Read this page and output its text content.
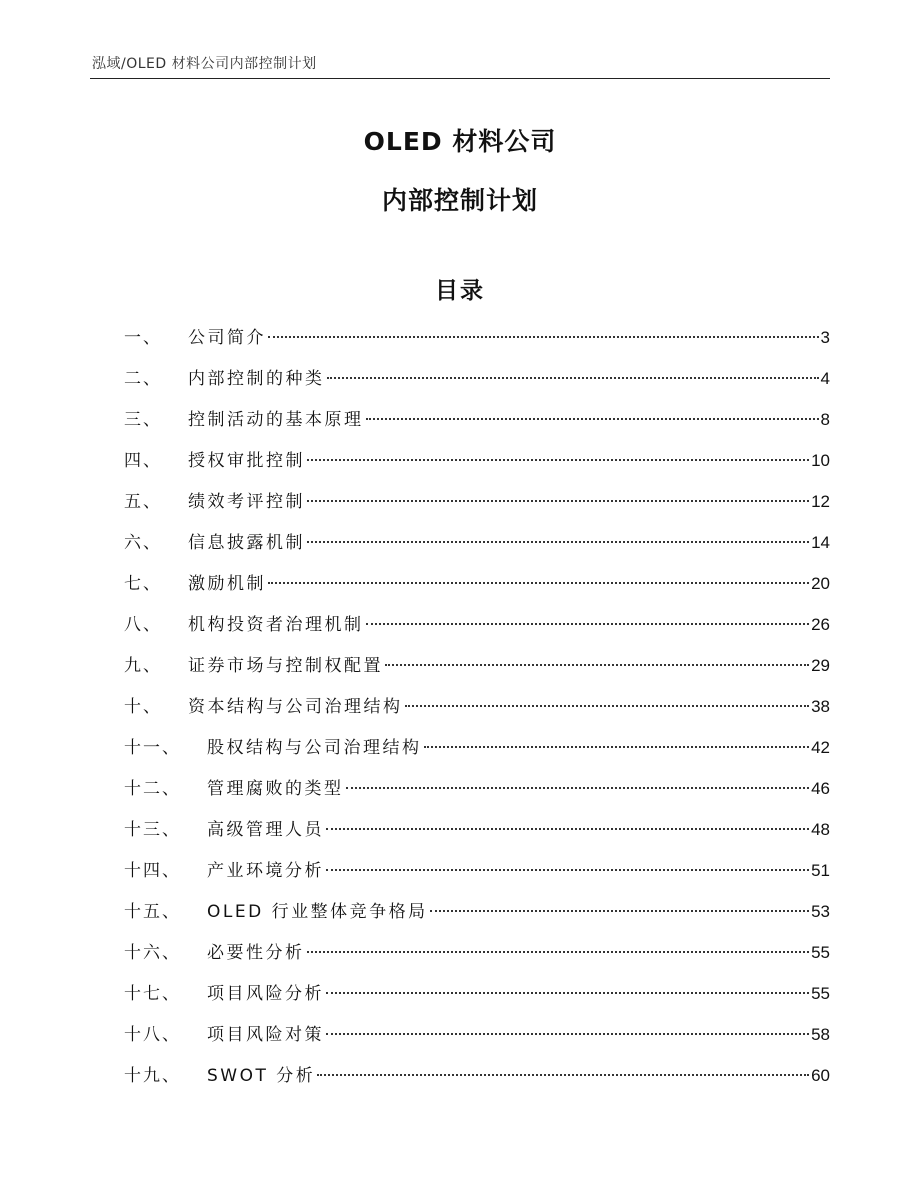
泓域/OLED 材料公司内部控制计划
OLED 材料公司
内部控制计划
目录
一、 公司简介	3
二、 内部控制的种类	4
三、 控制活动的基本原理	8
四、 授权审批控制	10
五、 绩效考评控制	12
六、 信息披露机制	14
七、 激励机制	20
八、 机构投资者治理机制	26
九、 证券市场与控制权配置	29
十、 资本结构与公司治理结构	38
十一、 股权结构与公司治理结构	42
十二、 管理腐败的类型	46
十三、 高级管理人员	48
十四、 产业环境分析	51
十五、 OLED 行业整体竞争格局	53
十六、 必要性分析	55
十七、 项目风险分析	55
十八、 项目风险对策	58
十九、 SWOT 分析	60
